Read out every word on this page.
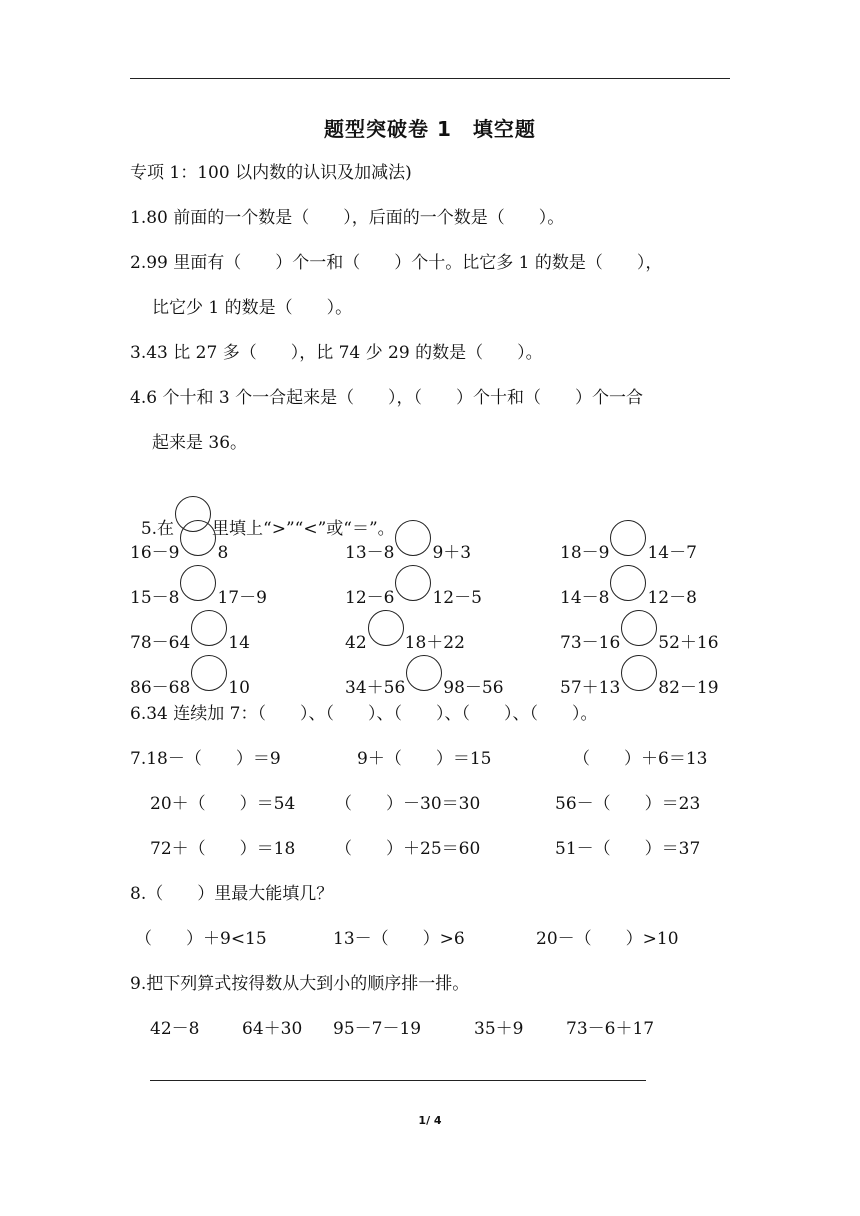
题型突破卷 1　填空题
专项 1：100 以内数的认识及加减法)
1.80 前面的一个数是（　　），后面的一个数是（　　）。
2.99 里面有（　　）个一和（　　）个十。比它多 1 的数是（　　），
比它少 1 的数是（　　）。
3.43 比 27 多（　　），比 74 少 29 的数是（　　）。
4.6 个十和 3 个一合起来是（　　），（　　）个十和（　　）个一合
起来是 36。

5.在 里填上“>”“<”或“＝”。

16－9 8	13－8 9＋3	18－9 14－7
15－8 17－9	12－6 12－5	14－8 12－8
78－64 14	42 18＋22	73－16 52＋16
86－68 10	34＋56 98－56	57＋13 82－19
6.34 连续加 7：（　　）、（　　）、（　　）、（　　）、（　　）。
7.18－（　　）＝9	9＋（　　）＝15	（　　）＋6＝13
20＋（　　）＝54 （　　）－30＝30	56－（　　）＝23
72＋（　　）＝18 （　　）＋25＝60	51－（　　）＝37
8.（　　）里最大能填几？
（　　）＋9<15	13－（　　）>6	20－（　　）>10
9.把下列算式按得数从大到小的顺序排一排。
42－8	64＋30 95－7－19	35＋9	73－6＋17
1/ 4
